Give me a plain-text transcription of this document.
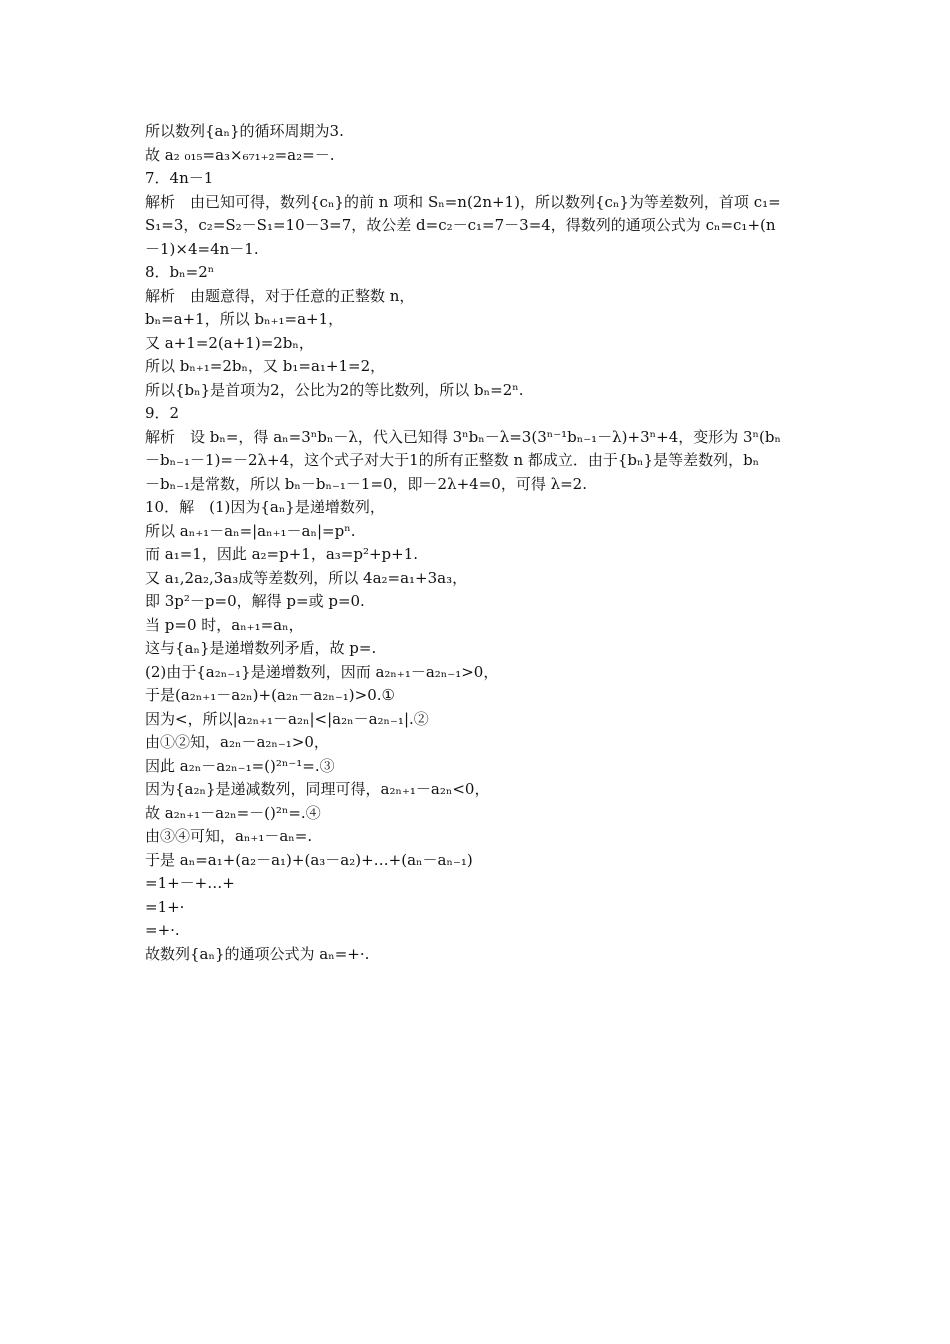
所以数列{aₙ}的循环周期为3.
故 a₂ ₀₁₅=a₃×₆₇₁₊₂=a₂=－.
7．4n－1
解析　由已知可得，数列{cₙ}的前 n 项和 Sₙ=n(2n+1)，所以数列{cₙ}为等差数列，首项 c₁=
S₁=3，c₂=S₂－S₁=10－3=7，故公差 d=c₂－c₁=7－3=4，得数列的通项公式为 cₙ=c₁+(n
－1)×4=4n－1.
8．bₙ=2ⁿ
解析　由题意得，对于任意的正整数 n，
bₙ=a+1，所以 bₙ₊₁=a+1，
又 a+1=2(a+1)=2bₙ，
所以 bₙ₊₁=2bₙ，又 b₁=a₁+1=2，
所以{bₙ}是首项为2，公比为2的等比数列，所以 bₙ=2ⁿ.
9．2
解析　设 bₙ=，得 aₙ=3ⁿbₙ－λ，代入已知得 3ⁿbₙ－λ=3(3ⁿ⁻¹bₙ₋₁－λ)+3ⁿ+4，变形为 3ⁿ(bₙ
－bₙ₋₁－1)=－2λ+4，这个式子对大于1的所有正整数 n 都成立．由于{bₙ}是等差数列，bₙ
－bₙ₋₁是常数，所以 bₙ－bₙ₋₁－1=0，即－2λ+4=0，可得 λ=2.
10．解　(1)因为{aₙ}是递增数列，
所以 aₙ₊₁－aₙ=|aₙ₊₁－aₙ|=pⁿ.
而 a₁=1，因此 a₂=p+1，a₃=p²+p+1.
又 a₁,2a₂,3a₃成等差数列，所以 4a₂=a₁+3a₃，
即 3p²－p=0，解得 p=或 p=0.
当 p=0 时，aₙ₊₁=aₙ，
这与{aₙ}是递增数列矛盾，故 p=.
(2)由于{a₂ₙ₋₁}是递增数列，因而 a₂ₙ₊₁－a₂ₙ₋₁>0，
于是(a₂ₙ₊₁－a₂ₙ)+(a₂ₙ－a₂ₙ₋₁)>0.①
因为<，所以|a₂ₙ₊₁－a₂ₙ|<|a₂ₙ－a₂ₙ₋₁|.②
由①②知，a₂ₙ－a₂ₙ₋₁>0，
因此 a₂ₙ－a₂ₙ₋₁=()²ⁿ⁻¹=.③
因为{a₂ₙ}是递减数列，同理可得，a₂ₙ₊₁－a₂ₙ<0，
故 a₂ₙ₊₁－a₂ₙ=－()²ⁿ=.④
由③④可知，aₙ₊₁－aₙ=.
于是 aₙ=a₁+(a₂－a₁)+(a₃－a₂)+…+(aₙ－aₙ₋₁)
=1+－+…+
=1+·
=+·.
故数列{aₙ}的通项公式为 aₙ=+·.
